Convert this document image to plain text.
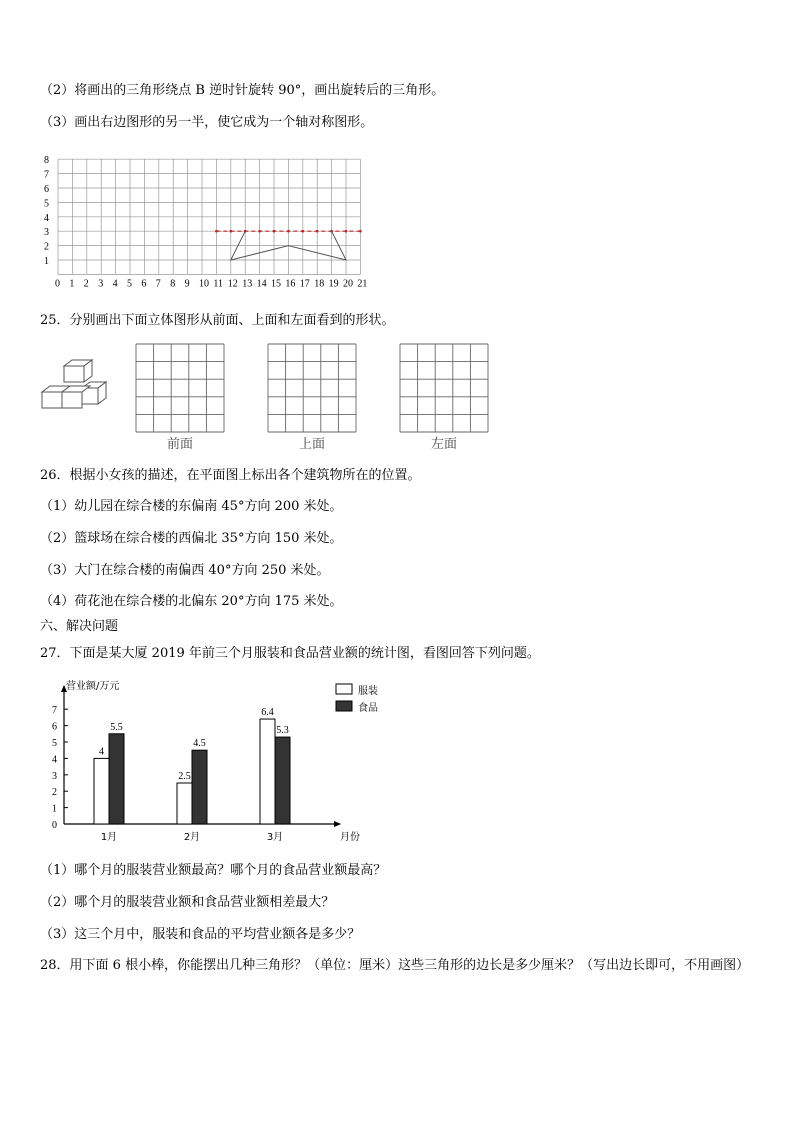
（2）将画出的三角形绕点 B 逆时针旋转 90°，画出旋转后的三角形。
（3）画出右边图形的另一半，使它成为一个轴对称图形。
8
7
6
5
4
3
2
1
0 1 2 3 4 5 6 7 8 9 10 11 12 13 14 15 16 17 18 19 20 21
25．分别画出下面立体图形从前面、上面和左面看到的形状。
前面	上面	左面
26．根据小女孩的描述，在平面图上标出各个建筑物所在的位置。
（1）幼儿园在综合楼的东偏南 45°方向 200 米处。
（2）篮球场在综合楼的西偏北 35°方向 150 米处。
（3）大门在综合楼的南偏西 40°方向 250 米处。
（4）荷花池在综合楼的北偏东 20°方向 175 米处。
六、解决问题
27．下面是某大厦 2019 年前三个月服装和食品营业额的统计图，看图回答下列问题。
营业额/万元
月份
0
1
2
3
4
5
6
7
4
5.5
1月
2.5
4.5
2月
6.4
5.3
3月
服装
食品
（1）哪个月的服装营业额最高？哪个月的食品营业额最高？
（2）哪个月的服装营业额和食品营业额相差最大？
（3）这三个月中，服装和食品的平均营业额各是多少？
28．用下面 6 根小棒，你能摆出几种三角形？（单位：厘米）这些三角形的边长是多少厘米？（写出边长即可，不用画图）
